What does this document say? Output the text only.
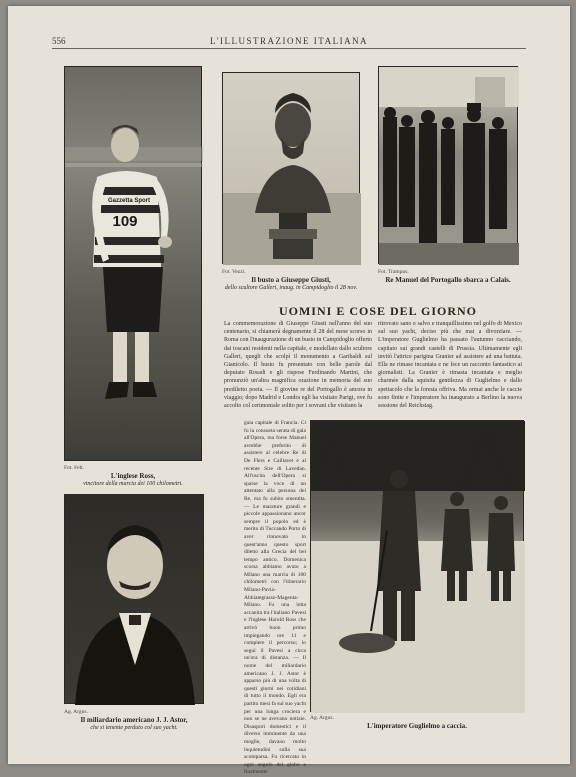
556	L'ILLUSTRAZIONE ITALIANA
Gazzetta Sport
109
Fot. Felt.
L'inglese Ross,
vincitore della marcia dei 100 chilometri.
Fot. Vezzi.
Il busto a Giuseppe Giusti,
dello scultore Galleri, inaug. in Campidoglio il 28 nov.
Fot. Trampus.
Re Manuel del Portogallo sbarca a Calais.
UOMINI E COSE DEL GIORNO
La commemorazione di Giuseppe Giusti nell'anno del suo centenario, si chiamerà degnamente il 28 del mese scorso in Roma con l'inaugurazione di un busto in Campidoglio offerto dai toscani residenti nella capitale, e modellato dallo scultore Galleri, quegli che scolpì il monumento a Garibaldi sul Gianicolo. Il busto fu presentato con belle parole dal deputato Rosadi e gli rispose Ferdinando Martini, che pronunziò un'altra magnifica orazione in memoria del suo prediletto poeta. — Il giovine re del Portogallo è ancora in viaggio; dopo Madrid e Londra egli ha visitato Parigi, ove fu accolto col cerimoniale solito per i sovrani che visitano la
ritrovato sano e salvo e tranquillissimo nel golfo di Mexico sul suo yacht, deciso più che mai a divorziare. — L'imperatore Guglielmo ha passato l'autunno cacciando, capitato sui grandi castelli di Prussia. Ultimamente egli invitò l'attrice parigina Granier ad assistere ad una battuta. Ella ne rimase incantata e ne fece un racconto fantastico ai giornalisti. La Granier è rimasta incantata e meglio charmée dalla squisita gentilezza di Guglielmo e dallo spettacolo che la foresta offriva. Ma ormai anche le caccie sono finite e l'imperatore ha inaugurato a Berlino la nuova sessione del Reichstag.
gaia capitale di Francia. Ci fu la consueta serata di gala all'Opera, ma forse Manuel avrebbe preferito di assistere al celebre Re di De Flers e Caillavet e al recente Sire di Lavedan. All'uscita dell'Opera si sparse la voce di un attentato alla persona del Re, ma fu subito smentita. — Le marature grandi e piccole appassionano ancor sempre il popolo ed è merito di Tuccando Porto di aver rinnovato in quest'anno questo sport diletto alla Grecia del bel tempo antico. Domenica scorsa abbiamo avuto a Milano una marcia di 100 chilometri con l'itinerario Milano-Pavia-Abbiategrasso-Magenta-Milano. Fu una lotta accanita tra l'italiano Pavesi e l'inglese Harold Ross che arrivò buon primo impiegando ore 11 e compiere il percorso; lo seguì il Pavesi a circa un'ora di distanza. — Il nome del miliardario americano J. J. Astor è apparso più di una volta di questi giorni nei cotidiani di tutto il mondo. Egli era partito mesi fa sul suo yacht per una lunga crociera e non se ne avevano notizie. Disaspori domestici e il diverso imminente da una moglie, davano molto inquietudini sulla sua scomparsa. Fu ricercato in ogni angolo del globo e finalmente
Ag. Argus.
Il miliardario americano J. J. Astor,
che si tenente perduto col suo yacht.
Ag. Argus.
L'imperatore Guglielmo a caccia.
